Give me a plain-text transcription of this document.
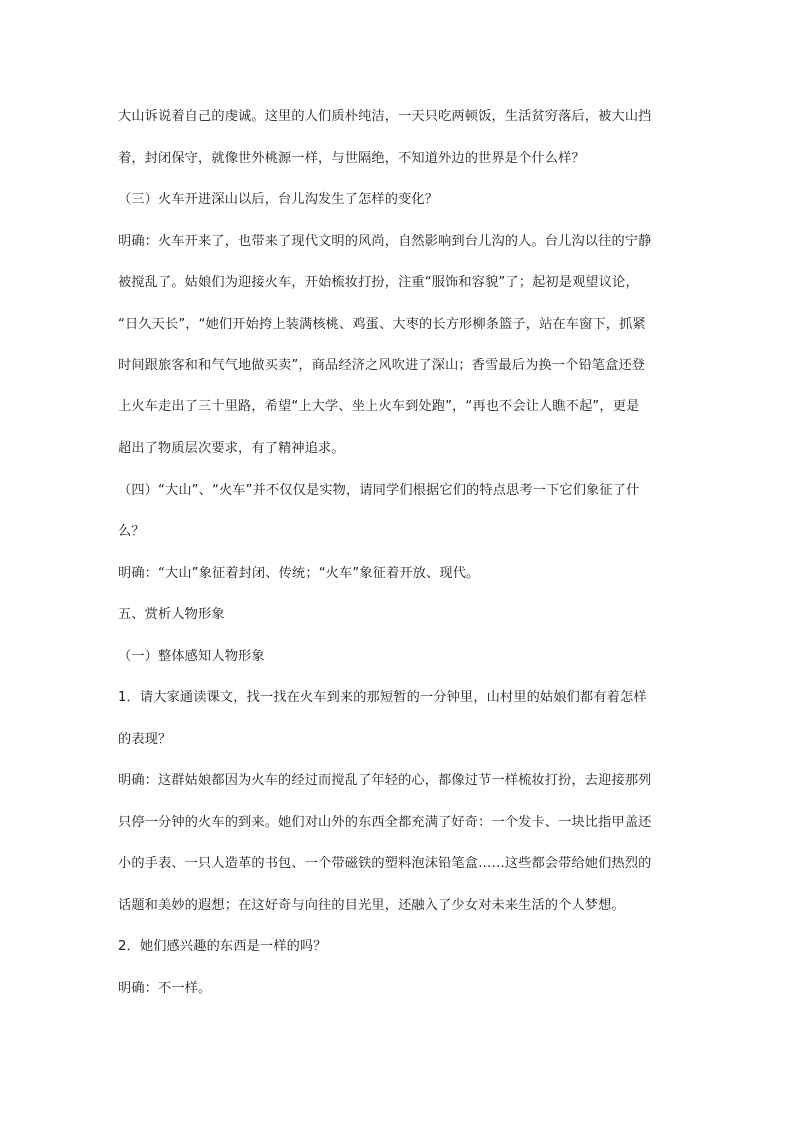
大山诉说着自己的虔诚。这里的人们质朴纯洁，一天只吃两顿饭，生活贫穷落后，被大山挡

着，封闭保守，就像世外桃源一样，与世隔绝，不知道外边的世界是个什么样？

（三）火车开进深山以后，台儿沟发生了怎样的变化？

明确：火车开来了，也带来了现代文明的风尚，自然影响到台儿沟的人。台儿沟以往的宁静

被搅乱了。姑娘们为迎接火车，开始梳妆打扮，注重“服饰和容貌”了；起初是观望议论，

“日久天长”，“她们开始挎上装满核桃、鸡蛋、大枣的长方形柳条篮子，站在车窗下，抓紧

时间跟旅客和和气气地做买卖”，商品经济之风吹进了深山；香雪最后为换一个铅笔盒还登

上火车走出了三十里路，希望“上大学、坐上火车到处跑”，“再也不会让人瞧不起”，更是

超出了物质层次要求，有了精神追求。

（四）“大山”、“火车”并不仅仅是实物，请同学们根据它们的特点思考一下它们象征了什

么？

明确：“大山”象征着封闭、传统；“火车”象征着开放、现代。

五、赏析人物形象

（一）整体感知人物形象

1．请大家通读课文，找一找在火车到来的那短暂的一分钟里，山村里的姑娘们都有着怎样

的表现？

明确：这群姑娘都因为火车的经过而搅乱了年轻的心，都像过节一样梳妆打扮，去迎接那列

只停一分钟的火车的到来。她们对山外的东西全都充满了好奇：一个发卡、一块比指甲盖还

小的手表、一只人造革的书包、一个带磁铁的塑料泡沫铅笔盒……这些都会带给她们热烈的

话题和美妙的遐想；在这好奇与向往的目光里，还融入了少女对未来生活的个人梦想。

2．她们感兴趣的东西是一样的吗？

明确：不一样。
